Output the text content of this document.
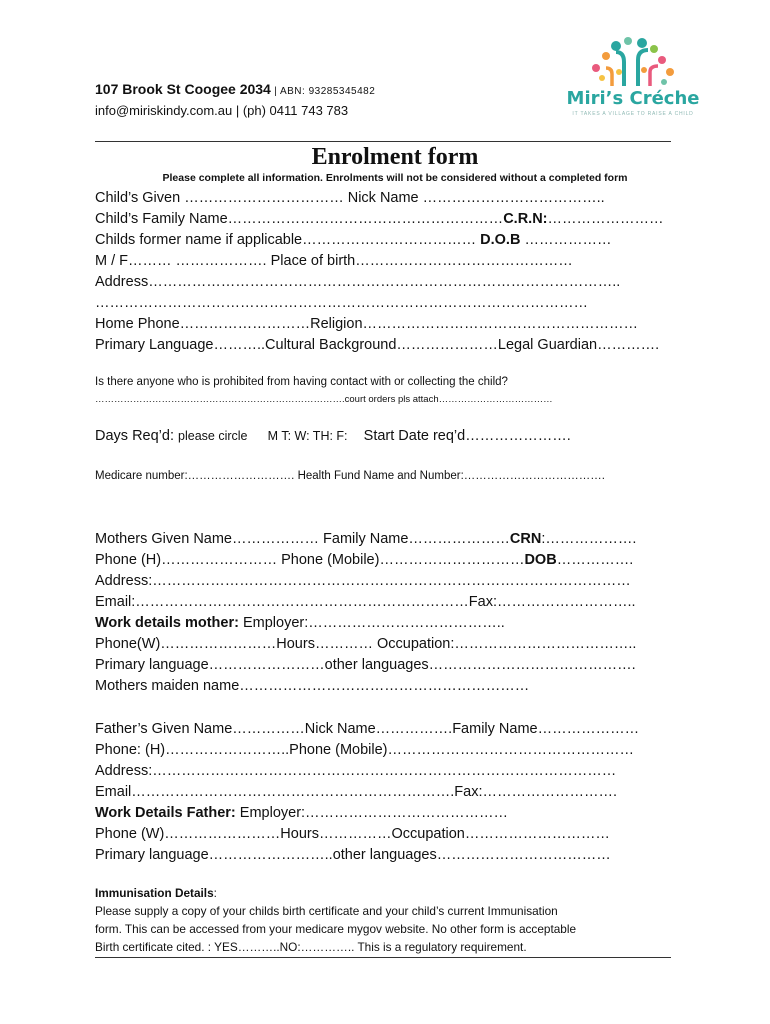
107 Brook St Coogee 2034 | ABN: 93285345482
info@miriskindy.com.au | (ph) 0411 743 783
Miri’s Créche
IT TAKES A VILLAGE TO RAISE A CHILD
Enrolment form
Please complete all information. Enrolments will not be considered without a completed form
Child’s Given …………………………… Nick Name ………………………………..
Child’s Family Name…………………………………………………C.R.N:……………………
Childs former name if applicable……………………………… D.O.B ………………
M / F……… ………………. Place of birth………………………………………
Address……………………………………………………………………………………..
…………………………………………………………………………………………
Home Phone………………………Religion…………………………………………………
Primary Language………..Cultural Background…………………Legal Guardian………….
Is there anyone who is prohibited from having contact with or collecting the child?
…………………………………………………………………….court orders pls attach………………………………
Days Req’d: please circle M T: W: TH: F: Start Date req’d………………….
Medicare number:………………………. Health Fund Name and Number:……………………………….
Mothers Given Name……………… Family Name…………………CRN:……………….
Phone (H)…………………… Phone (Mobile)…………………………DOB…………….
Address:………………………………………………………………………………………
Email:……………………………………………………………Fax:………………………..
Work details mother: Employer:…………………………………..
Phone(W)……………………Hours………… Occupation:………………………………..
Primary language……………………other languages…………………………………….
Mothers maiden name……………………………………………………
Father’s Given Name……………Nick Name…………….Family Name…………………
Phone: (H)……………………..Phone (Mobile)……………………………………………
Address:……………………………………………………………………………………
Email………………………………………………………….Fax:……………………….
Work Details Father: Employer:……………………………………
Phone (W)……………………Hours……………Occupation…………………………
Primary language……………………..other languages………………………………
Immunisation Details:
Please supply a copy of your childs birth certificate and your child’s current Immunisation
form. This can be accessed from your medicare mygov website. No other form is acceptable
Birth certificate cited. : YES………..NO:………….. This is a regulatory requirement.
